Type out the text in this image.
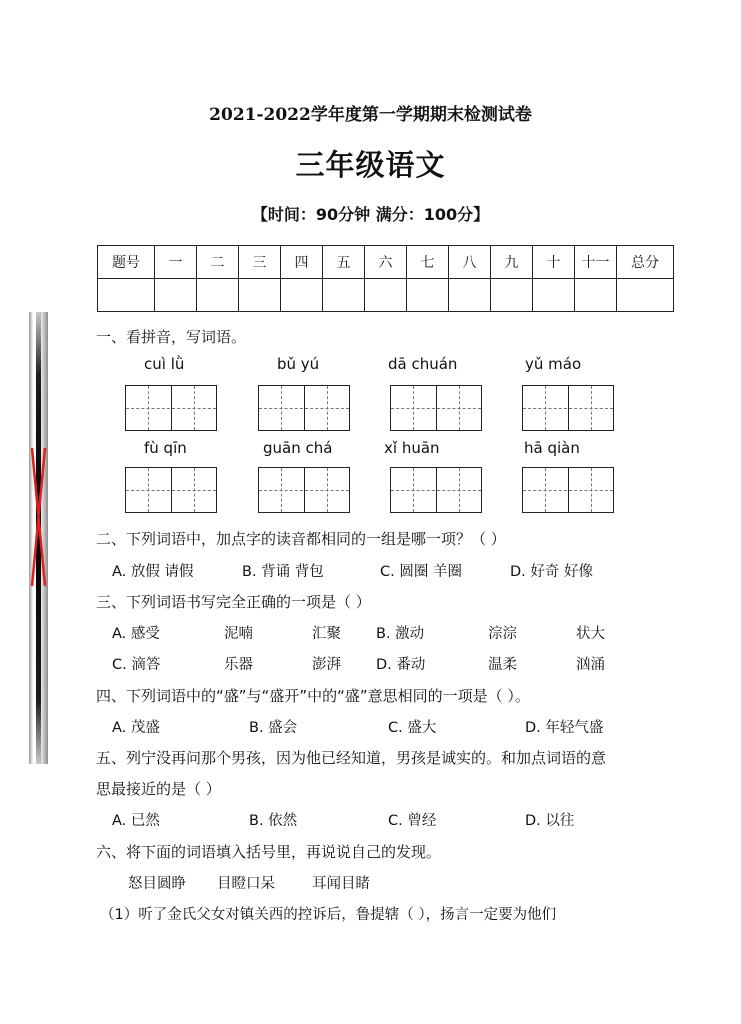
2021-2022学年度第一学期期末检测试卷
三年级语文
【时间：90分钟 满分：100分】
题号	一	二	三	四	五	六	七	八	九	十	十一	总分

一、看拼音，写词语。
cuì lǜ	bǔ yú	dā chuán	yǔ máo
fù qīn	guān chá	xǐ huān	hā qiàn
二、下列词语中，加点字的读音都相同的一组是哪一项？（ ）
A. 放假 请假	B. 背诵 背包	C. 圆圈 羊圈	D. 好奇 好像
三、下列词语书写完全正确的一项是（ ）
A. 感受	泥喃	汇聚 B. 激动	淙淙	状大
C. 滴答	乐器	澎湃 D. 番动	温柔	汹涌
四、下列词语中的“盛”与“盛开”中的“盛”意思相同的一项是（ ）。
A. 茂盛	B. 盛会	C. 盛大	D. 年轻气盛
五、列宁没再问那个男孩，因为他已经知道，男孩是诚实的。和加点词语的意
思最接近的是（ ）
A. 已然	B. 依然	C. 曾经	D. 以往
六、将下面的词语填入括号里，再说说自己的发现。
怒目圆睁 目瞪口呆	耳闻目睹
（1）听了金氏父女对镇关西的控诉后，鲁提辖（ ），扬言一定要为他们
